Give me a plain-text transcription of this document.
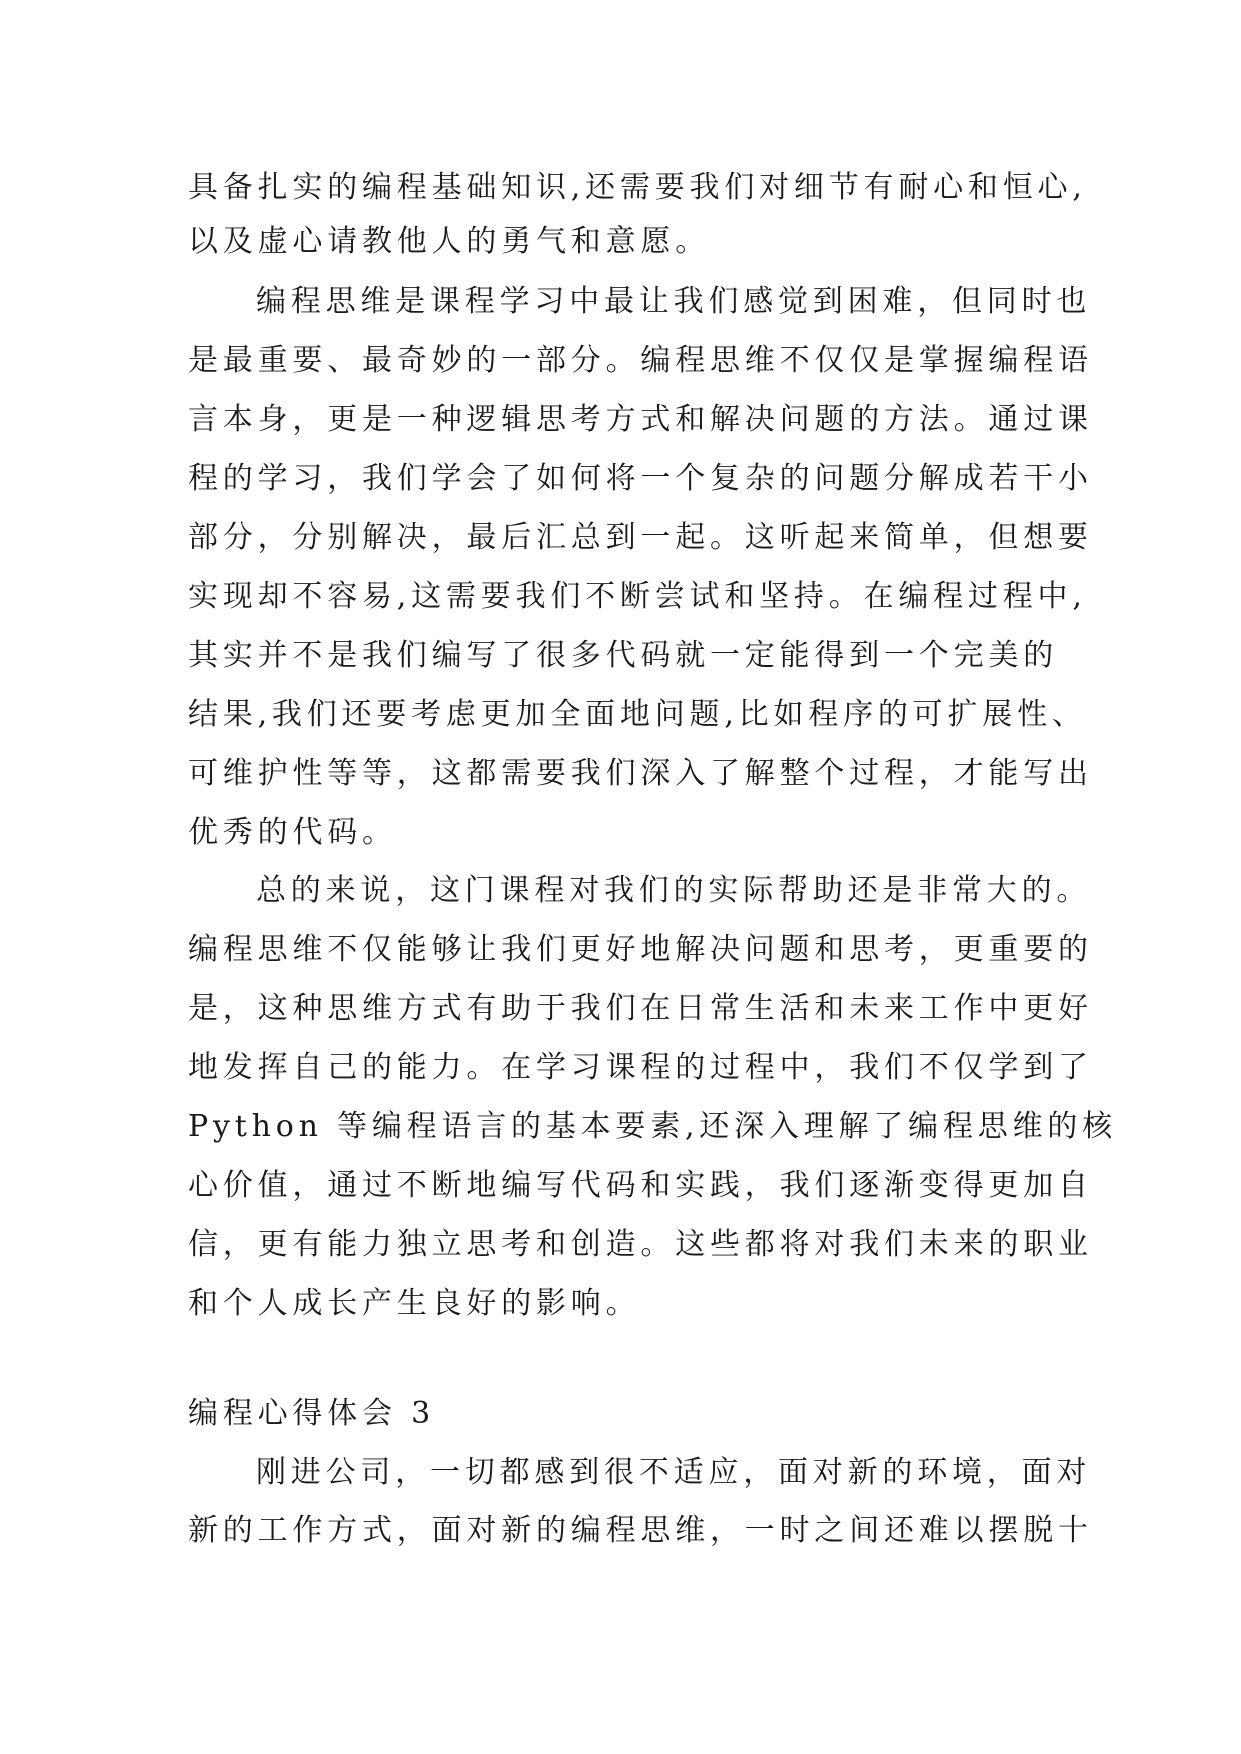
具备扎实的编程基础知识,还需要我们对细节有耐心和恒心,
以及虚心请教他人的勇气和意愿。
编程思维是课程学习中最让我们感觉到困难，但同时也
是最重要、最奇妙的一部分。编程思维不仅仅是掌握编程语
言本身，更是一种逻辑思考方式和解决问题的方法。通过课
程的学习，我们学会了如何将一个复杂的问题分解成若干小
部分，分别解决，最后汇总到一起。这听起来简单，但想要
实现却不容易,这需要我们不断尝试和坚持。在编程过程中,
其实并不是我们编写了很多代码就一定能得到一个完美的
结果,我们还要考虑更加全面地问题,比如程序的可扩展性、
可维护性等等，这都需要我们深入了解整个过程，才能写出
优秀的代码。
总的来说，这门课程对我们的实际帮助还是非常大的。
编程思维不仅能够让我们更好地解决问题和思考，更重要的
是，这种思维方式有助于我们在日常生活和未来工作中更好
地发挥自己的能力。在学习课程的过程中，我们不仅学到了
Python 等编程语言的基本要素,还深入理解了编程思维的核
心价值，通过不断地编写代码和实践，我们逐渐变得更加自
信，更有能力独立思考和创造。这些都将对我们未来的职业
和个人成长产生良好的影响。
编程心得体会 3
刚进公司，一切都感到很不适应，面对新的环境，面对
新的工作方式，面对新的编程思维，一时之间还难以摆脱十
